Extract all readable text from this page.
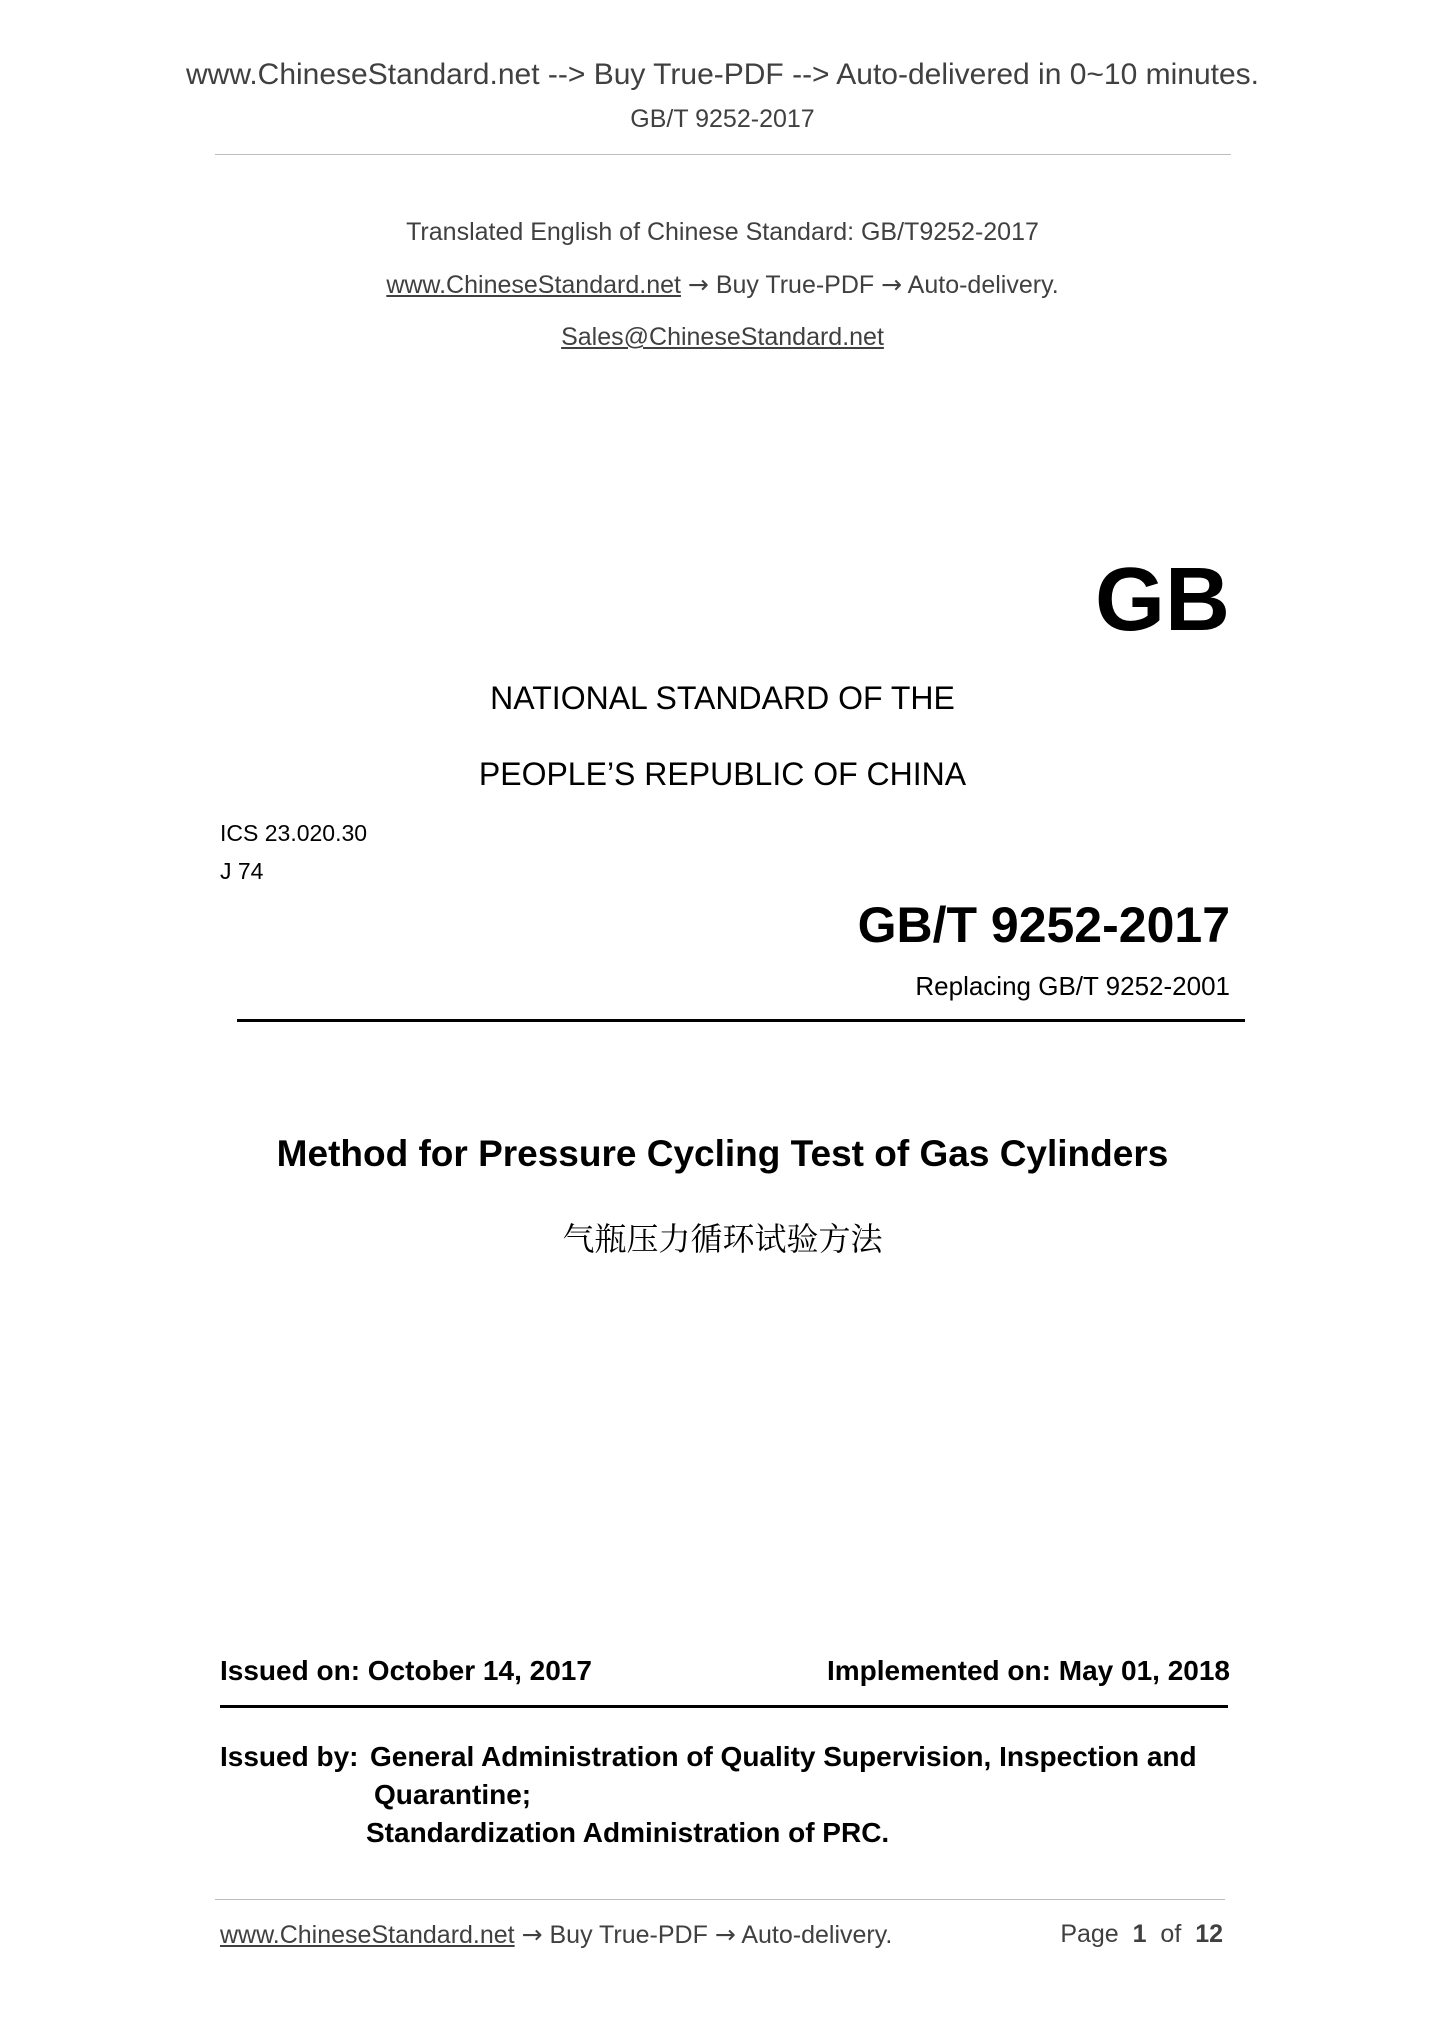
www.ChineseStandard.net --> Buy True-PDF --> Auto-delivered in 0~10 minutes.
GB/T 9252-2017
Translated English of Chinese Standard: GB/T9252-2017
www.ChineseStandard.net → Buy True-PDF → Auto-delivery.
Sales@ChineseStandard.net
GB
NATIONAL STANDARD OF THE
PEOPLE’S REPUBLIC OF CHINA
ICS 23.020.30
J 74
GB/T 9252-2017
Replacing GB/T 9252-2001
Method for Pressure Cycling Test of Gas Cylinders
气瓶压力循环试验方法
Issued on: October 14, 2017	Implemented on: May 01, 2018
Issued by: General Administration of Quality Supervision, Inspection and
Quarantine;
Standardization Administration of PRC.
www.ChineseStandard.net → Buy True-PDF → Auto-delivery.	Page 1 of 12
